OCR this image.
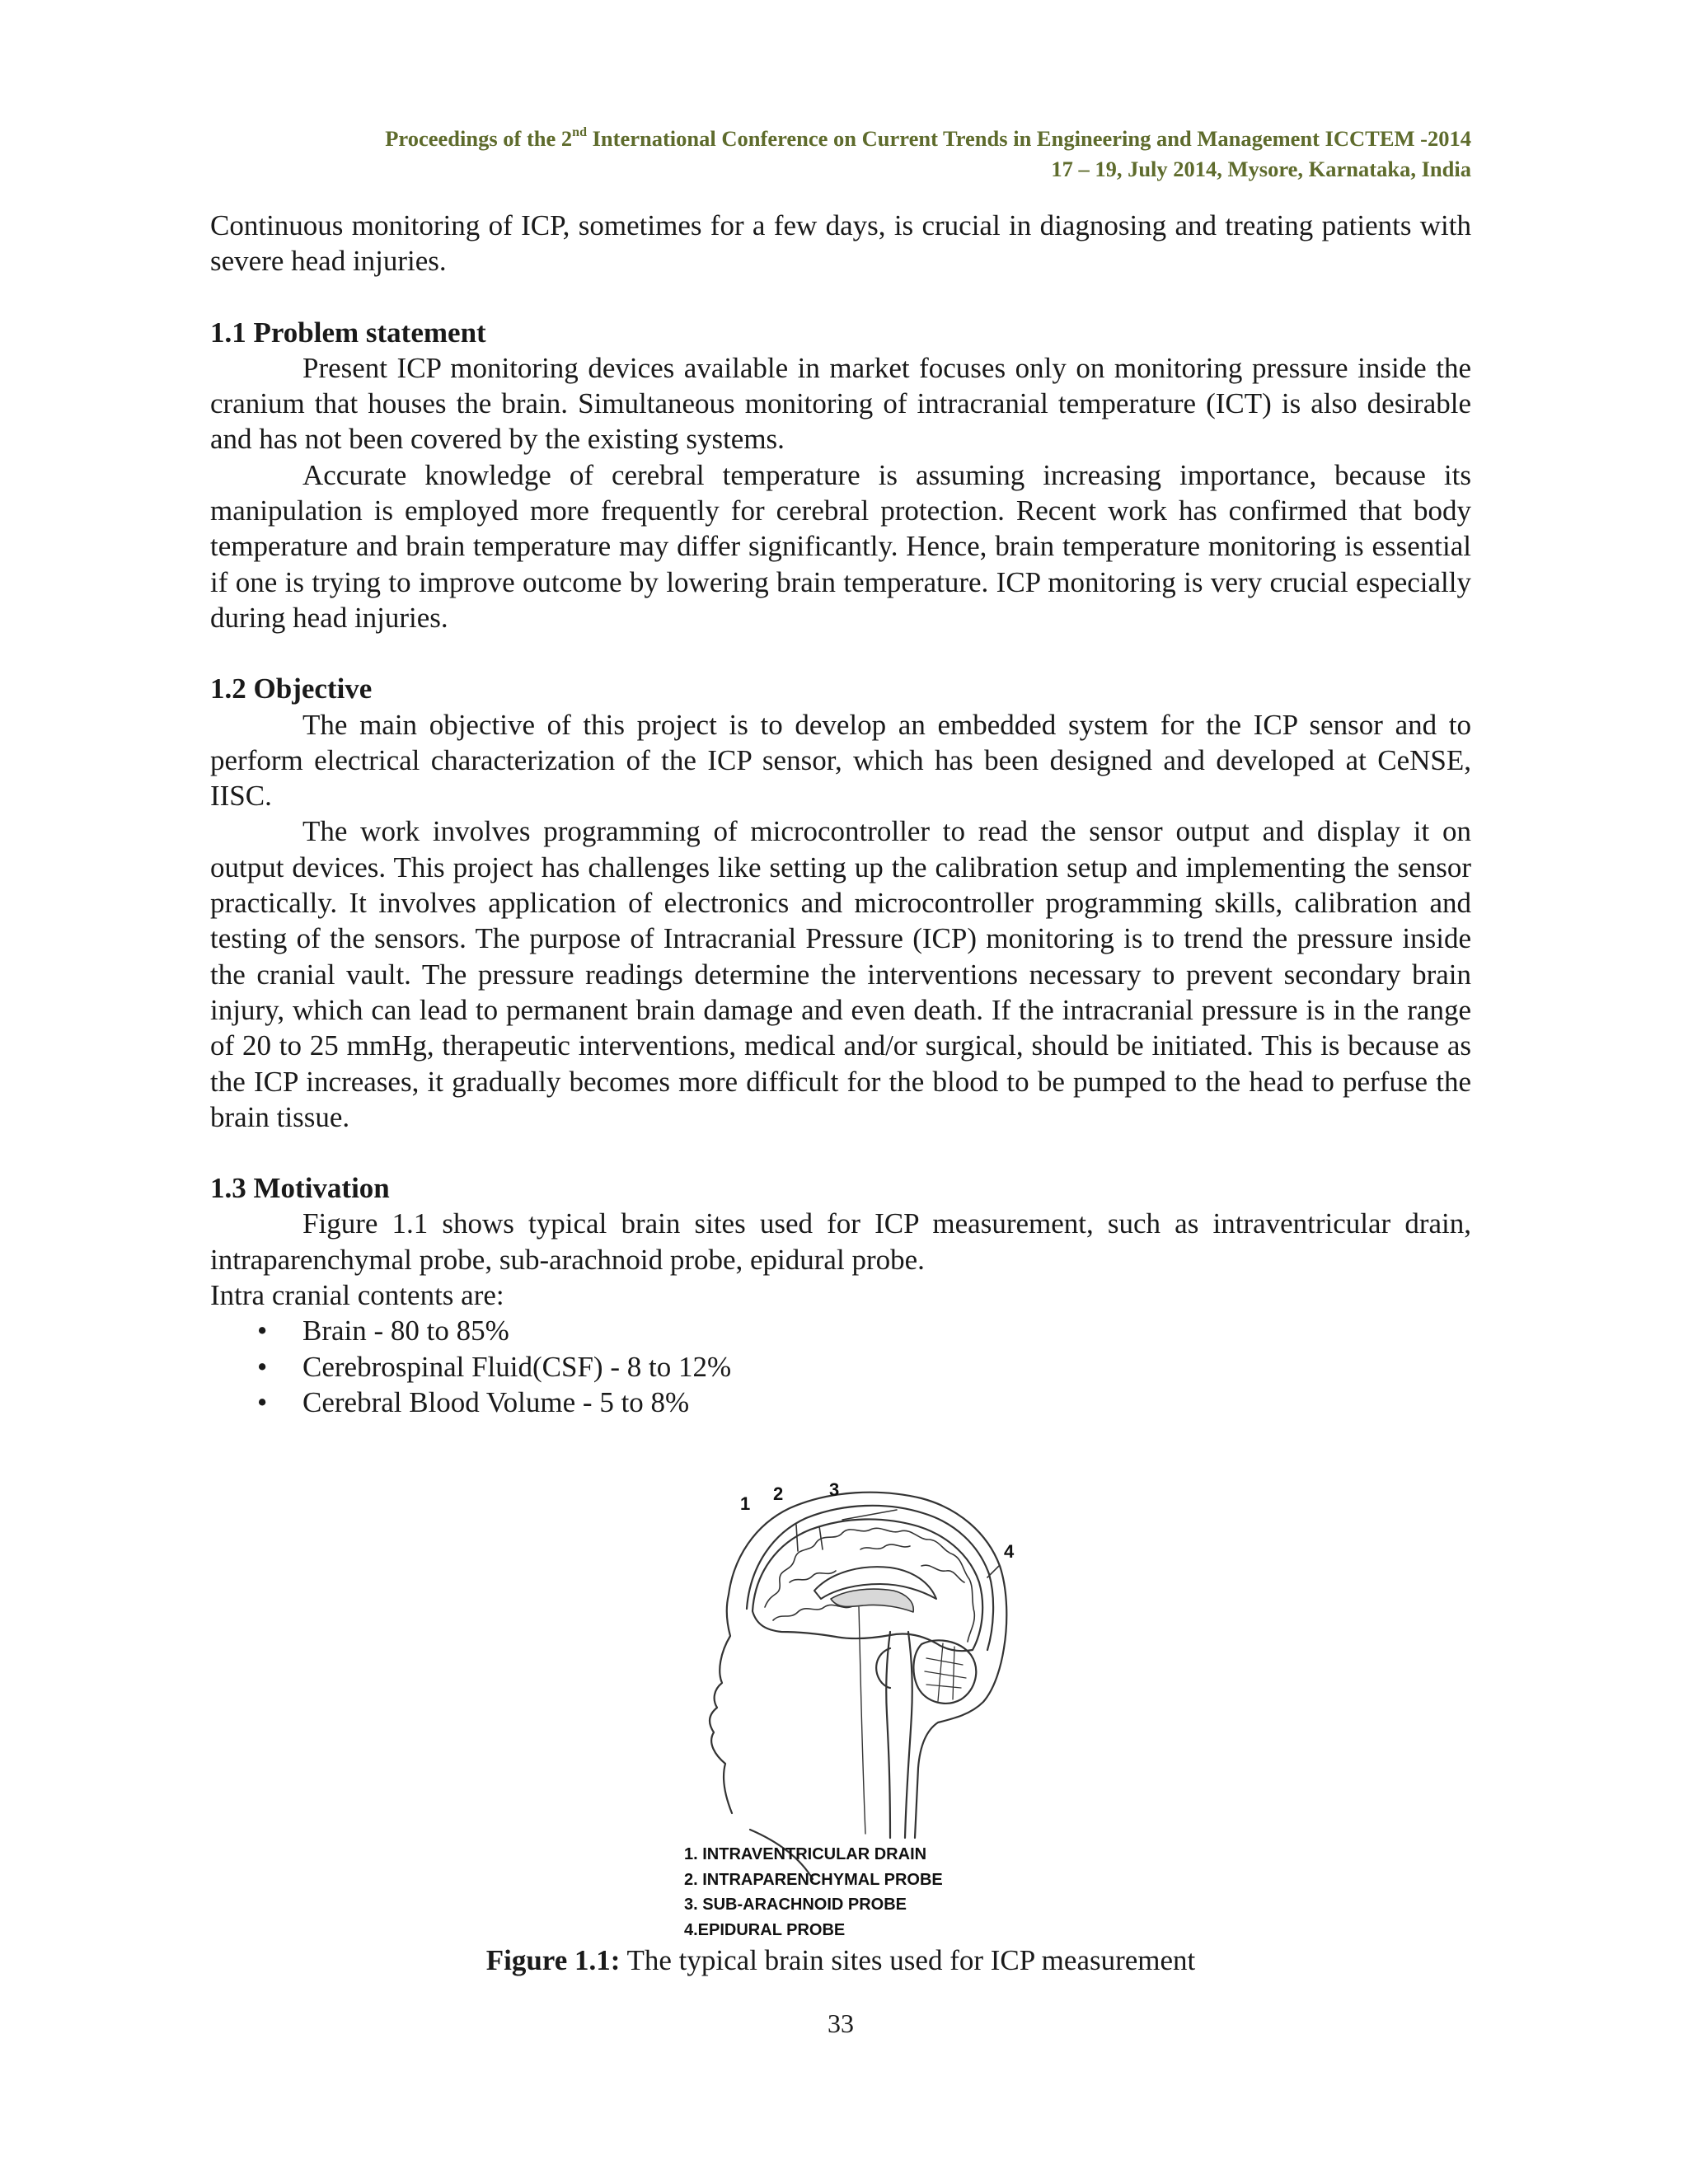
Proceedings of the 2nd International Conference on Current Trends in Engineering and Management ICCTEM -2014
17 – 19, July 2014, Mysore, Karnataka, India

Continuous monitoring of ICP, sometimes for a few days, is crucial in diagnosing and treating patients with severe head injuries.

1.1 Problem statement

Present ICP monitoring devices available in market focuses only on monitoring pressure inside the cranium that houses the brain. Simultaneous monitoring of intracranial temperature (ICT) is also desirable and has not been covered by the existing systems.

Accurate knowledge of cerebral temperature is assuming increasing importance, because its manipulation is employed more frequently for cerebral protection. Recent work has confirmed that body temperature and brain temperature may differ significantly. Hence, brain temperature monitoring is essential if one is trying to improve outcome by lowering brain temperature. ICP monitoring is very crucial especially during head injuries.

1.2 Objective

The main objective of this project is to develop an embedded system for the ICP sensor and to perform electrical characterization of the ICP sensor, which has been designed and developed at CeNSE, IISC.

The work involves programming of microcontroller to read the sensor output and display it on output devices. This project has challenges like setting up the calibration setup and implementing the sensor practically. It involves application of electronics and microcontroller programming skills, calibration and testing of the sensors. The purpose of Intracranial Pressure (ICP) monitoring is to trend the pressure inside the cranial vault. The pressure readings determine the interventions necessary to prevent secondary brain injury, which can lead to permanent brain damage and even death. If the intracranial pressure is in the range of 20 to 25 mmHg, therapeutic interventions, medical and/or surgical, should be initiated. This is because as the ICP increases, it gradually becomes more difficult for the blood to be pumped to the head to perfuse the brain tissue.

1.3 Motivation

Figure 1.1 shows typical brain sites used for ICP measurement, such as intraventricular drain, intraparenchymal probe, sub-arachnoid probe, epidural probe.

Intra cranial contents are:

• Brain - 80 to 85%
• Cerebrospinal Fluid(CSF) - 8 to 12%
• Cerebral Blood Volume - 5 to 8%
1 2	3
4
1. INTRAVENTRICULAR DRAIN
2. INTRAPARENCHYMAL PROBE
3. SUB-ARACHNOID PROBE
4.EPIDURAL PROBE
Figure 1.1: The typical brain sites used for ICP measurement
33
